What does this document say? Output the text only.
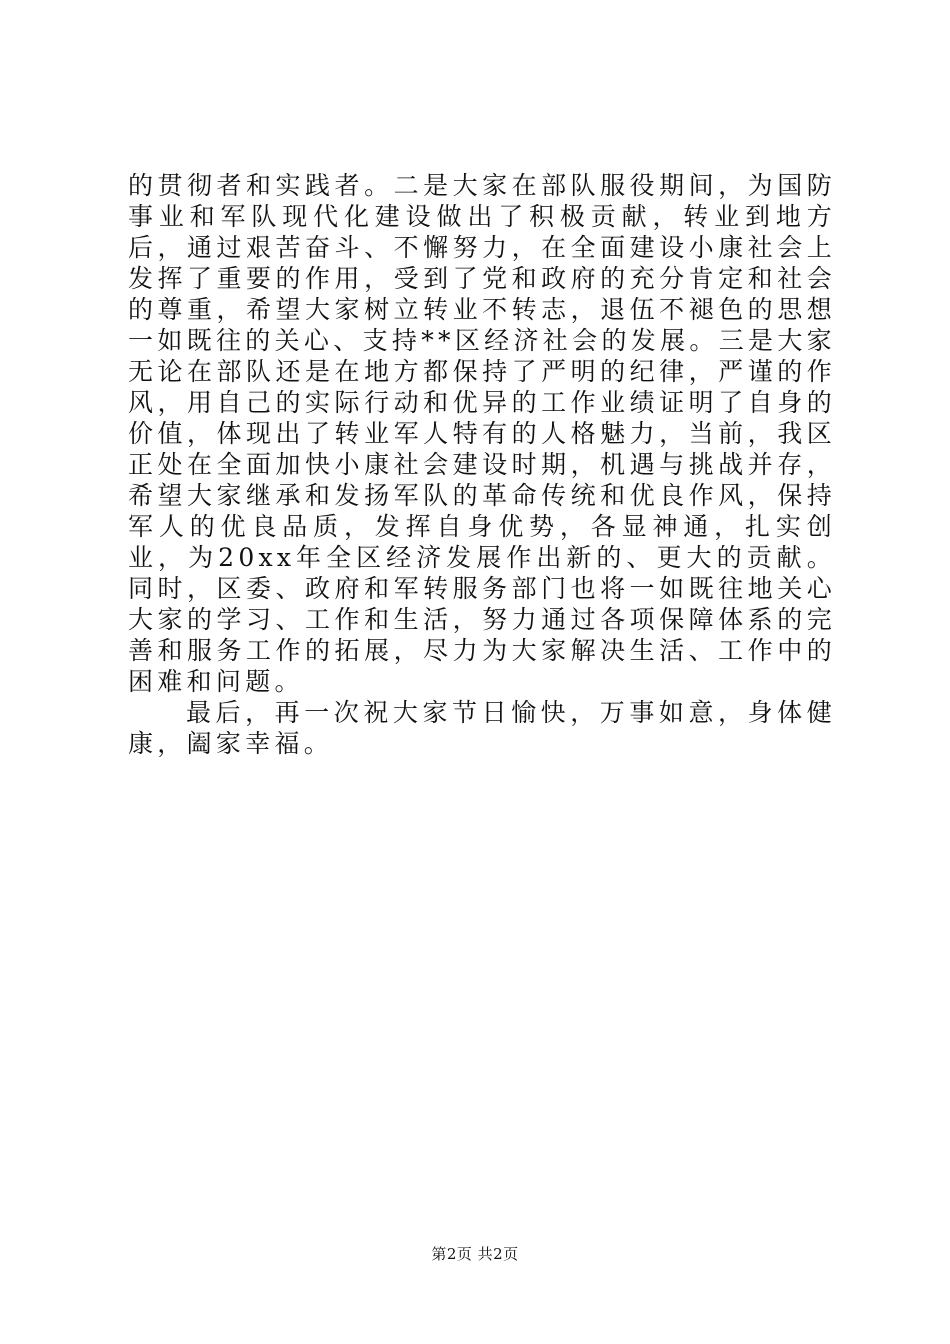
的贯彻者和实践者。二是大家在部队服役期间，为国防事业和军队现代化建设做出了积极贡献，转业到地方后，通过艰苦奋斗、不懈努力，在全面建设小康社会上发挥了重要的作用，受到了党和政府的充分肯定和社会的尊重，希望大家树立转业不转志，退伍不褪色的思想一如既往的关心、支持**区经济社会的发展。三是大家无论在部队还是在地方都保持了严明的纪律，严谨的作风，用自己的实际行动和优异的工作业绩证明了自身的价值，体现出了转业军人特有的人格魅力，当前，我区正处在全面加快小康社会建设时期，机遇与挑战并存，希望大家继承和发扬军队的革命传统和优良作风，保持军人的优良品质，发挥自身优势，各显神通，扎实创业，为20xx年全区经济发展作出新的、更大的贡献。同时，区委、政府和军转服务部门也将一如既往地关心大家的学习、工作和生活，努力通过各项保障体系的完善和服务工作的拓展，尽力为大家解决生活、工作中的困难和问题。

最后，再一次祝大家节日愉快，万事如意，身体健康，阖家幸福。

第2页 共2页
